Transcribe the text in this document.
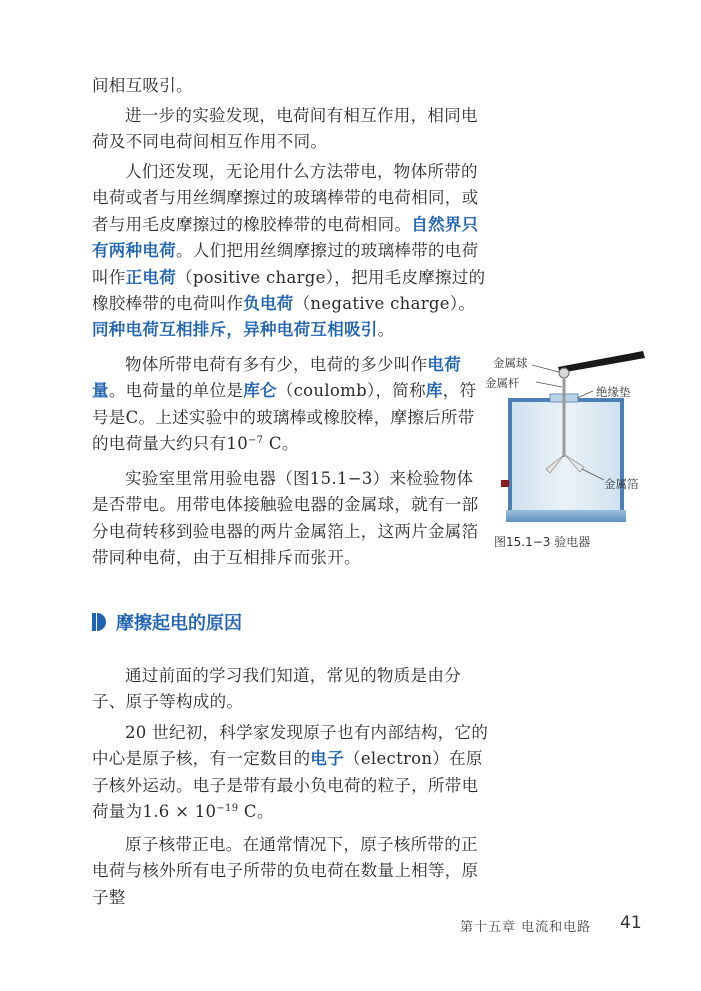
间相互吸引。

进一步的实验发现，电荷间有相互作用，相同电荷及不同电荷间相互作用不同。

人们还发现，无论用什么方法带电，物体所带的电荷或者与用丝绸摩擦过的玻璃棒带的电荷相同，或者与用毛皮摩擦过的橡胶棒带的电荷相同。自然界只有两种电荷。人们把用丝绸摩擦过的玻璃棒带的电荷叫作正电荷（positive charge），把用毛皮摩擦过的橡胶棒带的电荷叫作负电荷（negative charge）。同种电荷互相排斥，异种电荷互相吸引。

物体所带电荷有多有少，电荷的多少叫作电荷量。电荷量的单位是库仑（coulomb），简称库，符号是C。上述实验中的玻璃棒或橡胶棒，摩擦后所带的电荷量大约只有$10^{-7}$ C。

实验室里常用验电器（图15.1−3）来检验物体是否带电。用带电体接触验电器的金属球，就有一部分电荷转移到验电器的两片金属箔上，这两片金属箔带同种电荷，由于互相排斥而张开。

摩擦起电的原因

通过前面的学习我们知道，常见的物质是由分子、原子等构成的。

20 世纪初，科学家发现原子也有内部结构，它的中心是原子核，有一定数目的电子（electron）在原子核外运动。电子是带有最小负电荷的粒子，所带电荷量为$1.6 \times 10^{-19}$ C。

原子核带正电。在通常情况下，原子核所带的正电荷与核外所有电子所带的负电荷在数量上相等，原子整

金属球
金属杆
绝缘垫
金属箔
图15.1−3 验电器
第十五章 电流和电路 41
